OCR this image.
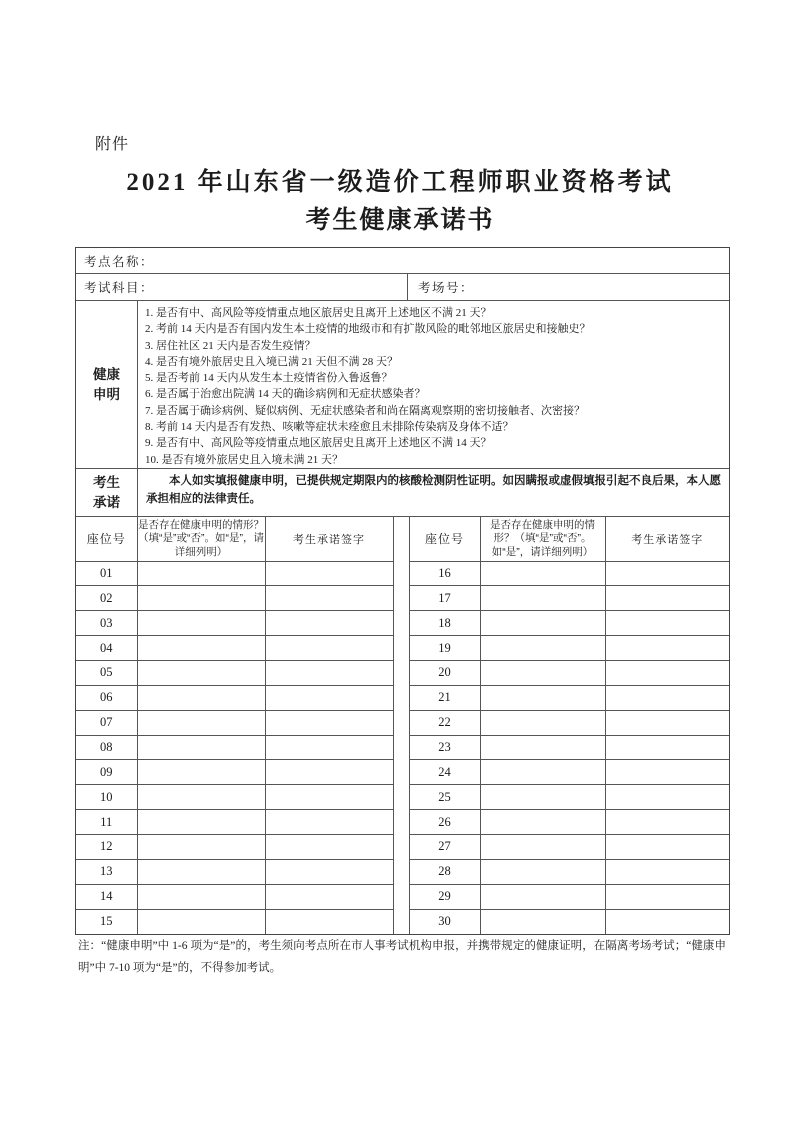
附件
2021 年山东省一级造价工程师职业资格考试
考生健康承诺书
考点名称：
考试科目：	考场号：
健康申明
1. 是否有中、高风险等疫情重点地区旅居史且离开上述地区不满 21 天？
2. 考前 14 天内是否有国内发生本土疫情的地级市和有扩散风险的毗邻地区旅居史和接触史？
3. 居住社区 21 天内是否发生疫情？
4. 是否有境外旅居史且入境已满 21 天但不满 28 天？
5. 是否考前 14 天内从发生本土疫情省份入鲁返鲁？
6. 是否属于治愈出院满 14 天的确诊病例和无症状感染者？
7. 是否属于确诊病例、疑似病例、无症状感染者和尚在隔离观察期的密切接触者、次密接？
8. 考前 14 天内是否有发热、咳嗽等症状未痊愈且未排除传染病及身体不适？
9. 是否有中、高风险等疫情重点地区旅居史且离开上述地区不满 14 天？
10. 是否有境外旅居史且入境未满 21 天？
考生承诺
本人如实填报健康申明，已提供规定期限内的核酸检测阴性证明。如因瞒报或虚假填报引起不良后果，本人愿承担相应的法律责任。
座位号	是否存在健康申明的情形？（填“是”或“否”。如“是”，请详细列明）	考生承诺签字
01		
02		
03		
04		
05		
06		
07		
08		
09		
10		
11		
12		
13		
14		
15		
座位号	是否存在健康申明的情形？（填“是”或“否”。如“是”，请详细列明）	考生承诺签字
16		
17		
18		
19		
20		
21		
22		
23		
24		
25		
26		
27		
28		
29		
30		
注：“健康申明”中 1-6 项为“是”的，考生须向考点所在市人事考试机构申报，并携带规定的健康证明，在隔离考场考试；“健康申明”中 7-10 项为“是”的，不得参加考试。
